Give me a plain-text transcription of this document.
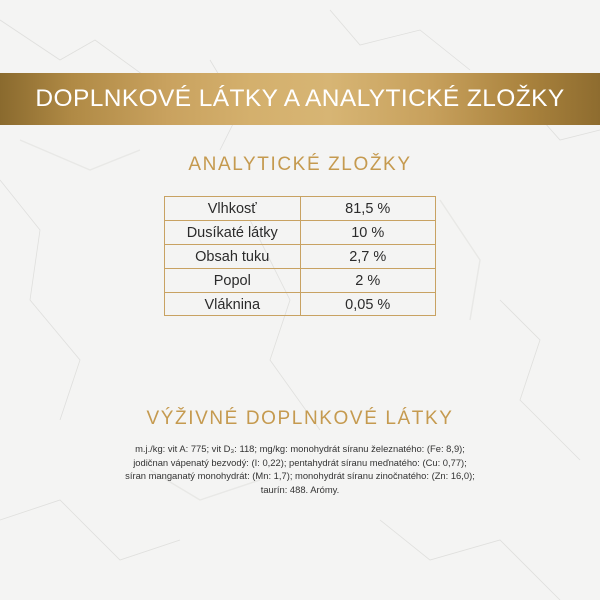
DOPLNKOVÉ LÁTKY A ANALYTICKÉ ZLOŽKY
ANALYTICKÉ ZLOŽKY
Vlhkosť	81,5 %
Dusíkaté látky	10 %
Obsah tuku	2,7 %
Popol	2 %
Vláknina	0,05 %
VÝŽIVNÉ DOPLNKOVÉ LÁTKY
m.j./kg: vit A: 775; vit D₃: 118; mg/kg: monohydrát síranu železnatého: (Fe: 8,9);
jodičnan vápenatý bezvodý: (I: 0,22); pentahydrát síranu meďnatého: (Cu: 0,77);
síran manganatý monohydrát: (Mn: 1,7); monohydrát síranu zinočnatého: (Zn: 16,0);
taurín: 488. Arómy.
